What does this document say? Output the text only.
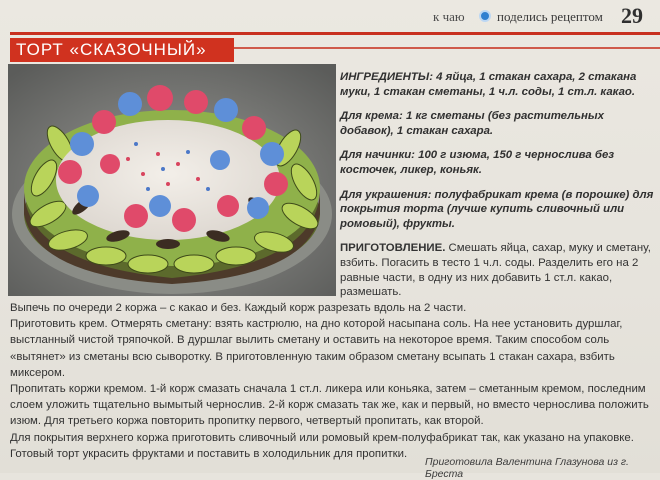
к чаю поделись рецептом 29
ТОРТ «СКАЗОЧНЫЙ»

ИНГРЕДИЕНТЫ: 4 яйца, 1 стакан сахара, 2 стакана муки, 1 стакан сметаны, 1 ч.л. соды, 1 ст.л. какао.

Для крема: 1 кг сметаны (без растительных добавок), 1 стакан сахара.

Для начинки: 100 г изюма, 150 г чернослива без косточек, ликер, коньяк.

Для украшения: полуфабрикат крема (в порошке) для покрытия торта (лучше купить сливочный или ромовый), фрукты.

ПРИГОТОВЛЕНИЕ. Смешать яйца, сахар, муку и сметану, взбить. Погасить в тесто 1 ч.л. соды. Разделить его на 2 равные части, в одну из них добавить 1 ст.л. какао, размешать.

Выпечь по очереди 2 коржа – с какао и без. Каждый корж разрезать вдоль на 2 части.

Приготовить крем. Отмерять сметану: взять кастрюлю, на дно которой насыпана соль. На нее установить дуршлаг, выстланный чистой тряпочкой. В дуршлаг вылить сметану и оставить на некоторое время. Таким способом соль «вытянет» из сметаны всю сыворотку. В приготовленную таким образом сметану всыпать 1 стакан сахара, взбить миксером.

Пропитать коржи кремом. 1-й корж смазать сначала 1 ст.л. ликера или коньяка, затем – сметанным кремом, последним слоем уложить тщательно вымытый чернослив. 2-й корж смазать так же, как и первый, но вместо чернослива положить изюм. Для третьего коржа повторить пропитку первого, четвертый пропитать, как второй.

Для покрытия верхнего коржа приготовить сливочный или ромовый крем-полуфабрикат так, как указано на упаковке. Готовый торт украсить фруктами и поставить в холодильник для пропитки.

Приготовила Валентина Глазунова из г. Бреста
